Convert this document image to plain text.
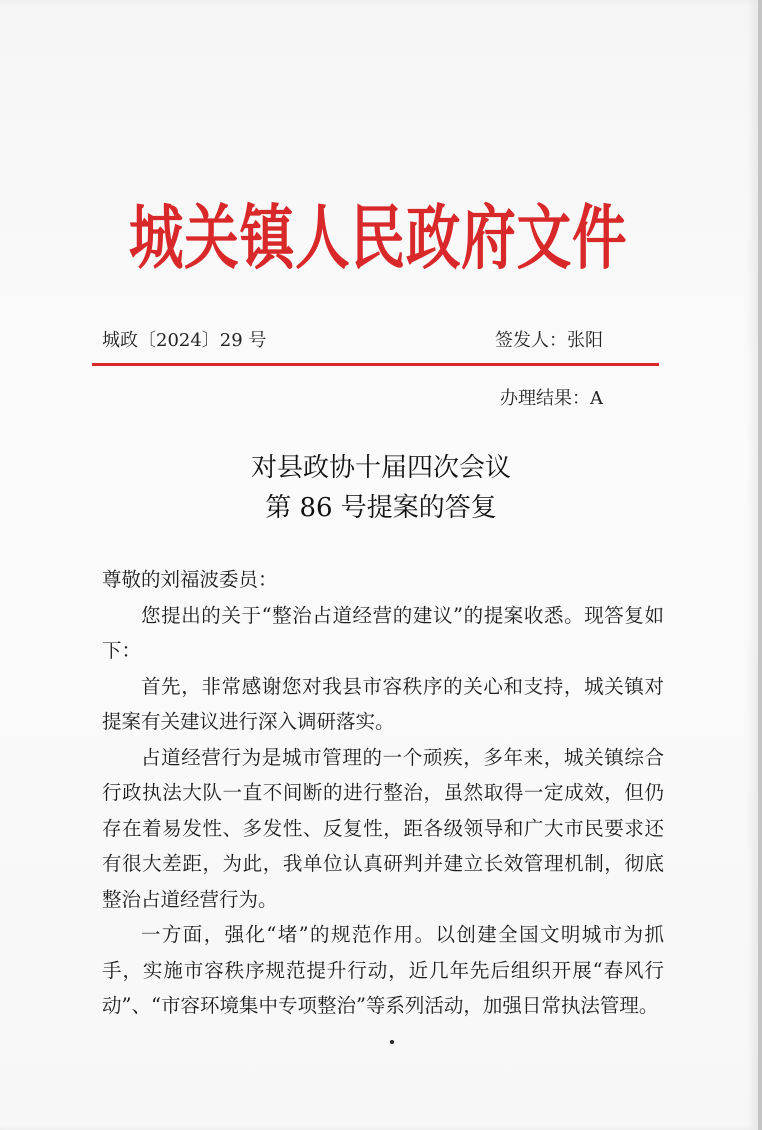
城关镇人民政府文件
城政〔2024〕29 号	签发人：张阳
办理结果：A
对县政协十届四次会议
第 86 号提案的答复

尊敬的刘福波委员：

您提出的关于“整治占道经营的建议”的提案收悉。现答复如下：

首先，非常感谢您对我县市容秩序的关心和支持，城关镇对提案有关建议进行深入调研落实。

占道经营行为是城市管理的一个顽疾，多年来，城关镇综合行政执法大队一直不间断的进行整治，虽然取得一定成效，但仍存在着易发性、多发性、反复性，距各级领导和广大市民要求还有很大差距，为此，我单位认真研判并建立长效管理机制，彻底整治占道经营行为。

一方面，强化“堵”的规范作用。以创建全国文明城市为抓手，实施市容秩序规范提升行动，近几年先后组织开展“春风行动”、“市容环境集中专项整治”等系列活动，加强日常执法管理。
